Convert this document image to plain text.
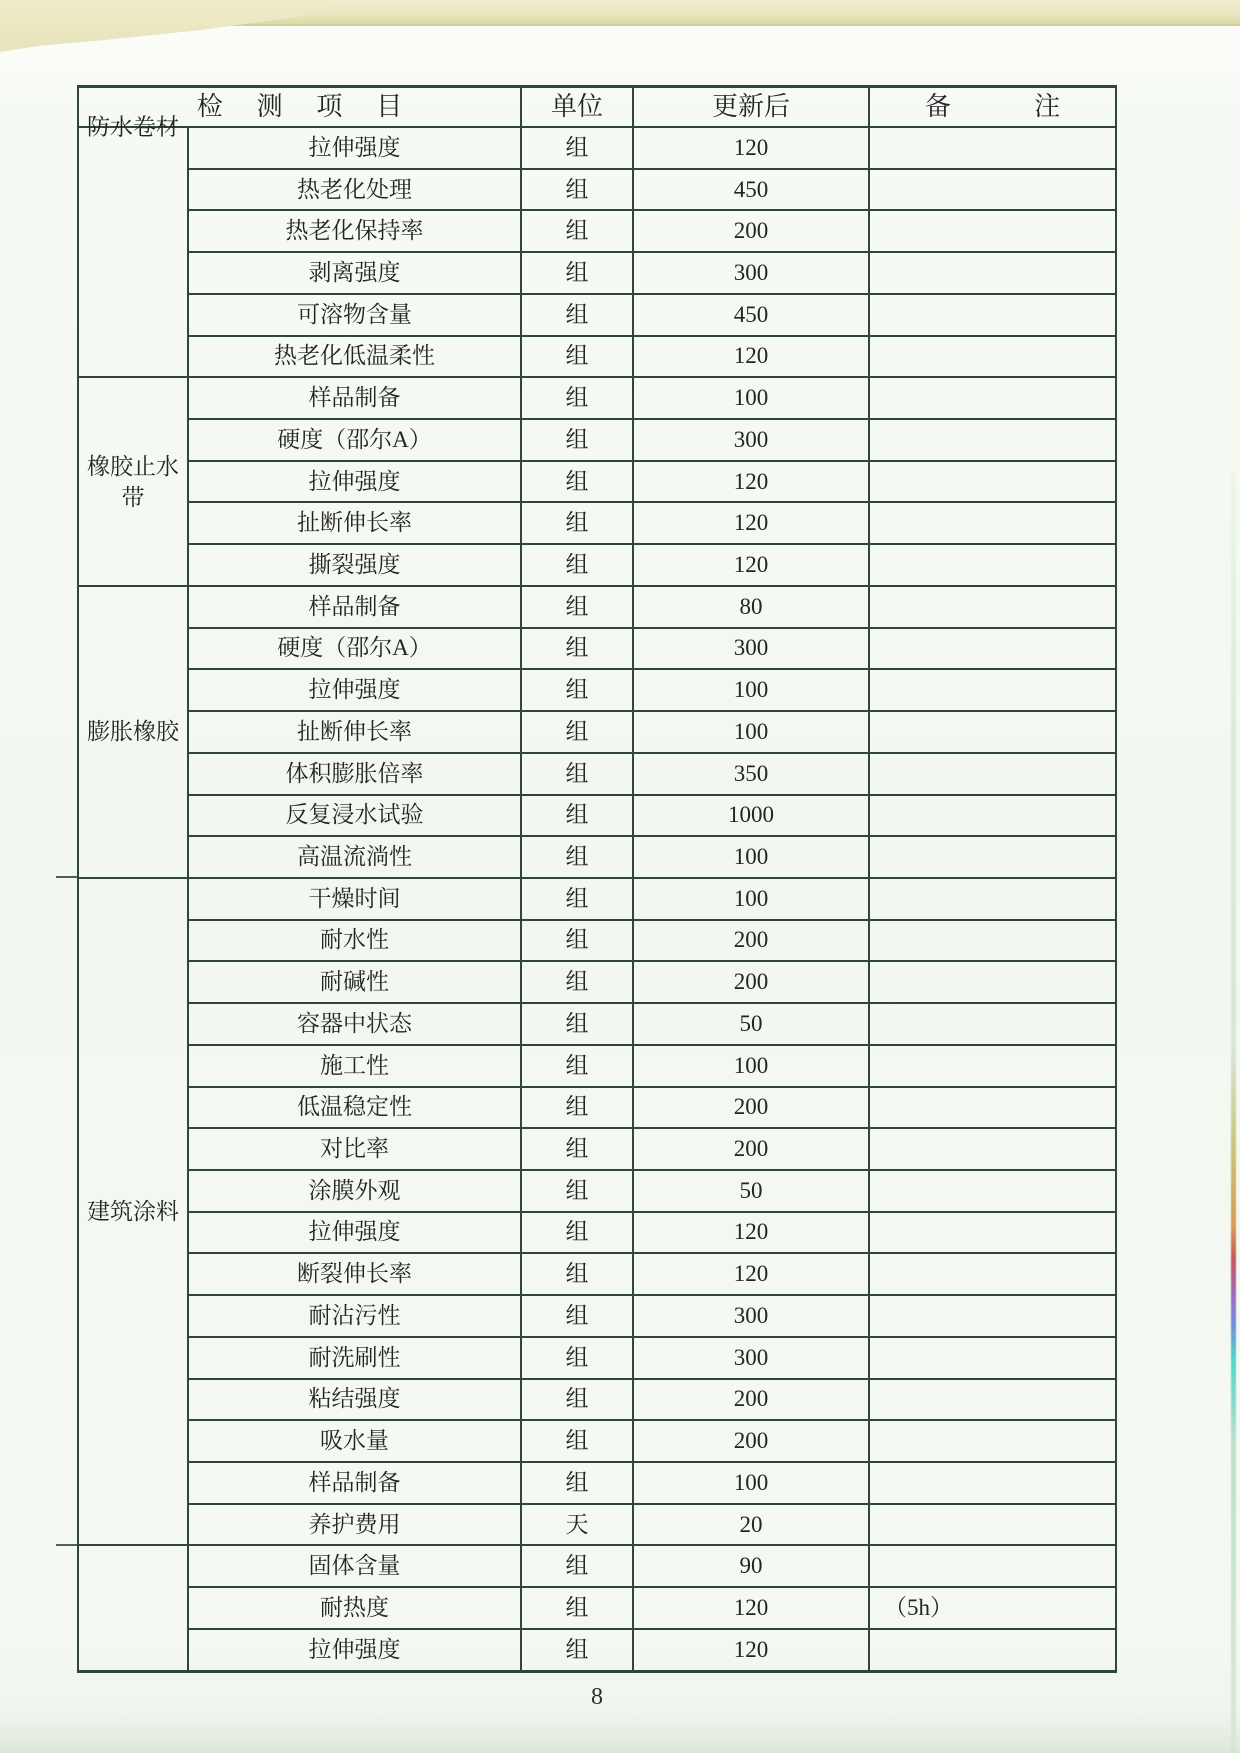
检测项目	单位	更新后	备注
防水卷材
拉伸强度	组	120
热老化处理	组	450
热老化保持率	组	200
剥离强度	组	300
可溶物含量	组	450
热老化低温柔性	组	120
橡胶止水带
样品制备	组	100
硬度（邵尔A）	组	300
拉伸强度	组	120
扯断伸长率	组	120
撕裂强度	组	120
膨胀橡胶
样品制备	组	80
硬度（邵尔A）	组	300
拉伸强度	组	100
扯断伸长率	组	100
体积膨胀倍率	组	350
反复浸水试验	组	1000
高温流淌性	组	100
建筑涂料
干燥时间	组	100
耐水性	组	200
耐碱性	组	200
容器中状态	组	50
施工性	组	100
低温稳定性	组	200
对比率	组	200
涂膜外观	组	50
拉伸强度	组	120
断裂伸长率	组	120
耐沾污性	组	300
耐洗刷性	组	300
粘结强度	组	200
吸水量	组	200
样品制备	组	100
养护费用	天	20
固体含量	组	90
耐热度	组	120	（5h）
拉伸强度	组	120
8
